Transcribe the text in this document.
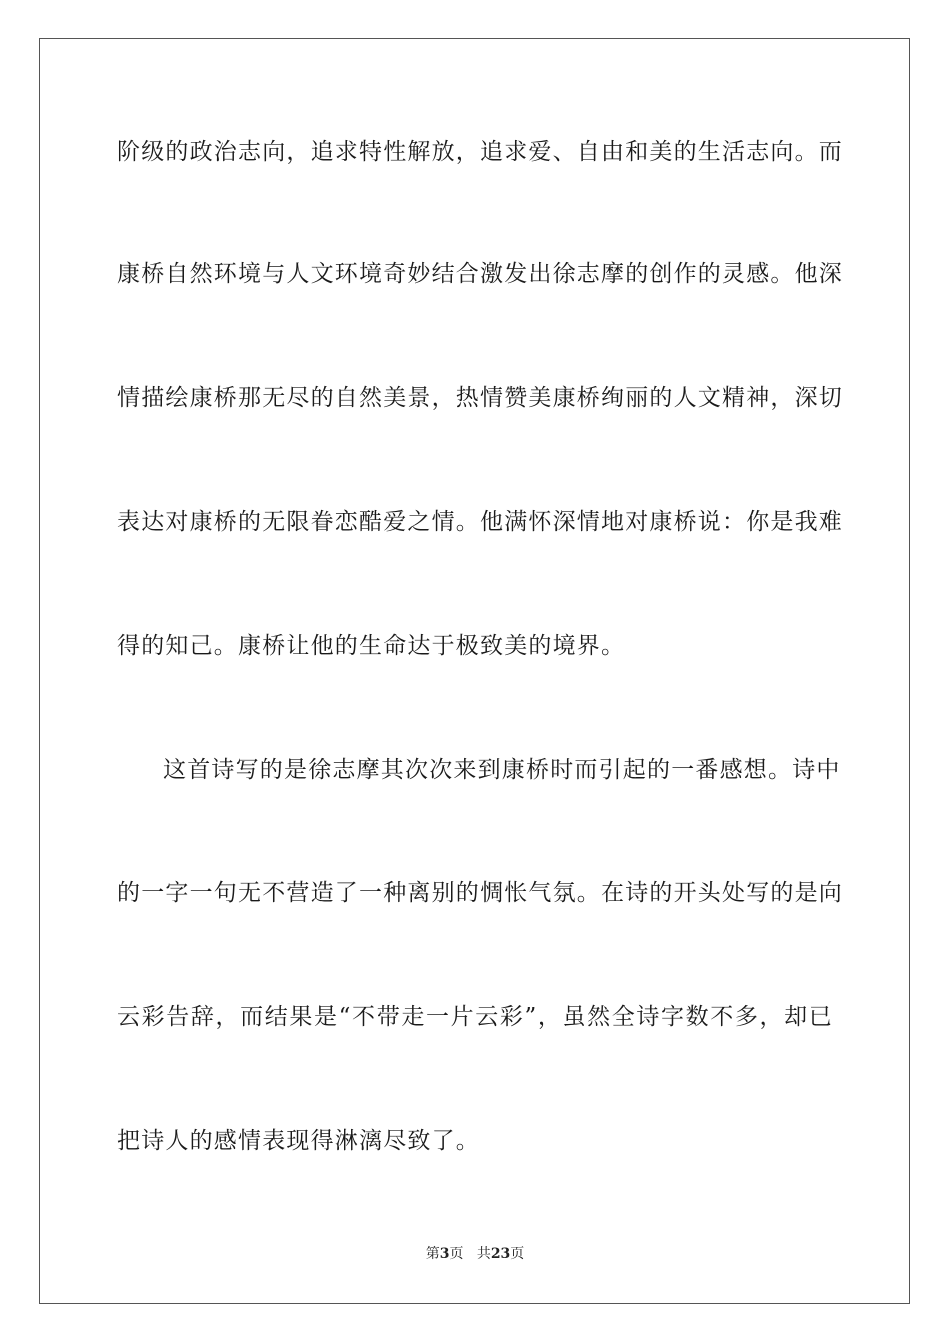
阶级的政治志向，追求特性解放，追求爱、自由和美的生活志向。而
康桥自然环境与人文环境奇妙结合激发出徐志摩的创作的灵感。他深
情描绘康桥那无尽的自然美景，热情赞美康桥绚丽的人文精神，深切
表达对康桥的无限眷恋酷爱之情。他满怀深情地对康桥说：你是我难
得的知己。康桥让他的生命达于极致美的境界。
这首诗写的是徐志摩其次次来到康桥时而引起的一番感想。诗中
的一字一句无不营造了一种离别的惆怅气氛。在诗的开头处写的是向
云彩告辞，而结果是“不带走一片云彩”，虽然全诗字数不多，却已
把诗人的感情表现得淋漓尽致了。
第3页 共23页
